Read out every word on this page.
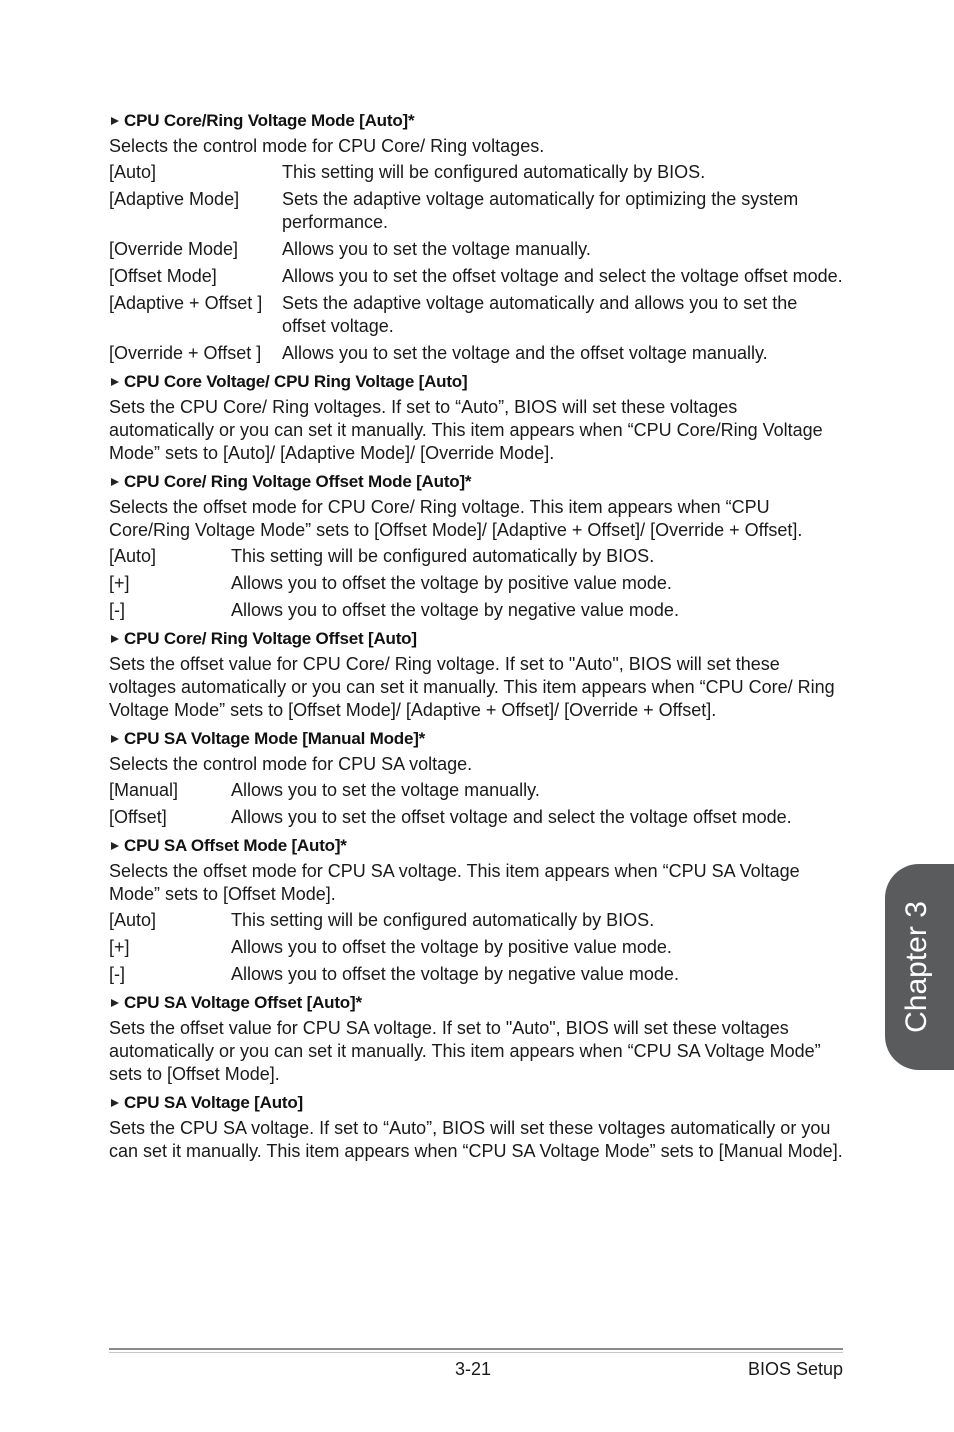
CPU Core/Ring Voltage Mode [Auto]*
Selects the control mode for CPU Core/ Ring voltages.
[Auto]	This setting will be configured automatically by BIOS.
[Adaptive Mode]	Sets the adaptive voltage automatically for optimizing the system performance.
[Override Mode]	Allows you to set the voltage manually.
[Offset Mode]	Allows you to set the offset voltage and select the voltage offset mode.
[Adaptive + Offset ]	Sets the adaptive voltage automatically and allows you to set the offset voltage.
[Override + Offset ]	Allows you to set the voltage and the offset voltage manually.
CPU Core Voltage/ CPU Ring Voltage [Auto]
Sets the CPU Core/ Ring voltages. If set to “Auto”, BIOS will set these voltages automatically or you can set it manually. This item appears when “CPU Core/Ring Voltage Mode” sets to [Auto]/ [Adaptive Mode]/ [Override Mode].
CPU Core/ Ring Voltage Offset Mode [Auto]*
Selects the offset mode for CPU Core/ Ring voltage. This item appears when “CPU Core/Ring Voltage Mode” sets to [Offset Mode]/ [Adaptive + Offset]/ [Override + Offset].
[Auto]	This setting will be configured automatically by BIOS.
[+]	Allows you to offset the voltage by positive value mode.
[-]	Allows you to offset the voltage by negative value mode.
CPU Core/ Ring Voltage Offset [Auto]
Sets the offset value for CPU Core/ Ring voltage. If set to "Auto", BIOS will set these voltages automatically or you can set it manually. This item appears when “CPU Core/ Ring Voltage Mode” sets to [Offset Mode]/ [Adaptive + Offset]/ [Override + Offset].
CPU SA Voltage Mode [Manual Mode]*
Selects the control mode for CPU SA voltage.
[Manual]	Allows you to set the voltage manually.
[Offset]	Allows you to set the offset voltage and select the voltage offset mode.
CPU SA Offset Mode [Auto]*
Selects the offset mode for CPU SA voltage. This item appears when “CPU SA Voltage Mode” sets to [Offset Mode].
[Auto]	This setting will be configured automatically by BIOS.
[+]	Allows you to offset the voltage by positive value mode.
[-]	Allows you to offset the voltage by negative value mode.
CPU SA Voltage Offset [Auto]*
Sets the offset value for CPU SA voltage. If set to "Auto", BIOS will set these voltages automatically or you can set it manually. This item appears when “CPU SA Voltage Mode” sets to [Offset Mode].
CPU SA Voltage [Auto]
Sets the CPU SA voltage. If set to “Auto”, BIOS will set these voltages automatically or you can set it manually. This item appears when “CPU SA Voltage Mode” sets to [Manual Mode].
3-21	BIOS Setup
Chapter 3
